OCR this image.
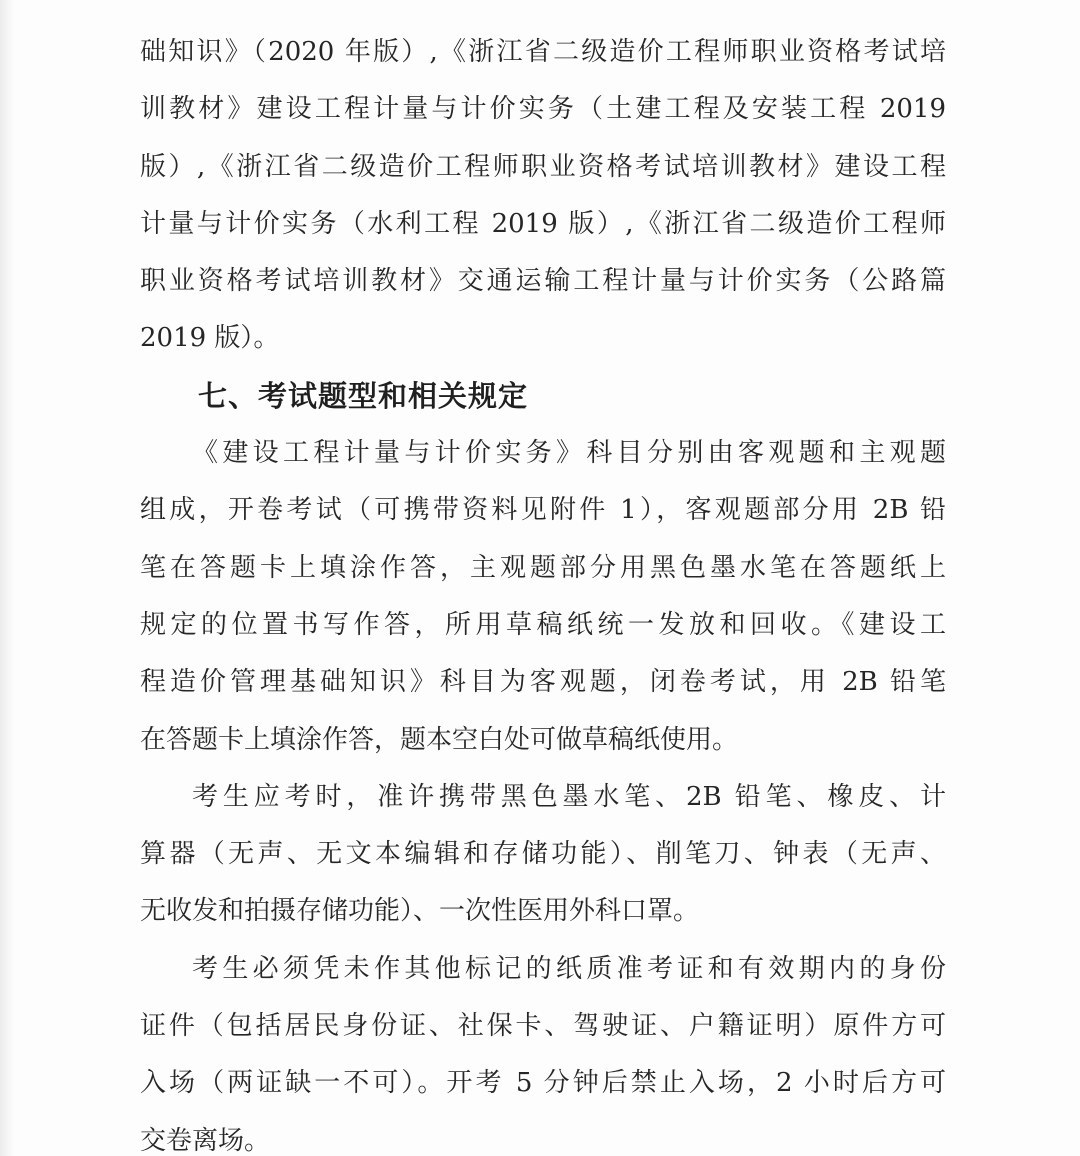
础知识》（2020 年版）,《浙江省二级造价工程师职业资格考试培

训教材》建设工程计量与计价实务（土建工程及安装工程 2019

版）,《浙江省二级造价工程师职业资格考试培训教材》建设工程

计量与计价实务（水利工程 2019 版）,《浙江省二级造价工程师

职业资格考试培训教材》交通运输工程计量与计价实务（公路篇

2019 版）。

七、考试题型和相关规定

《建设工程计量与计价实务》科目分别由客观题和主观题

组成，开卷考试（可携带资料见附件 1），客观题部分用 2B 铅

笔在答题卡上填涂作答，主观题部分用黑色墨水笔在答题纸上

规定的位置书写作答，所用草稿纸统一发放和回收。《建设工

程造价管理基础知识》科目为客观题，闭卷考试，用 2B 铅笔

在答题卡上填涂作答，题本空白处可做草稿纸使用。

考生应考时，准许携带黑色墨水笔、2B 铅笔、橡皮、计

算器（无声、无文本编辑和存储功能）、削笔刀、钟表（无声、

无收发和拍摄存储功能）、一次性医用外科口罩。

考生必须凭未作其他标记的纸质准考证和有效期内的身份

证件（包括居民身份证、社保卡、驾驶证、户籍证明）原件方可

入场（两证缺一不可）。开考 5 分钟后禁止入场，2 小时后方可

交卷离场。
